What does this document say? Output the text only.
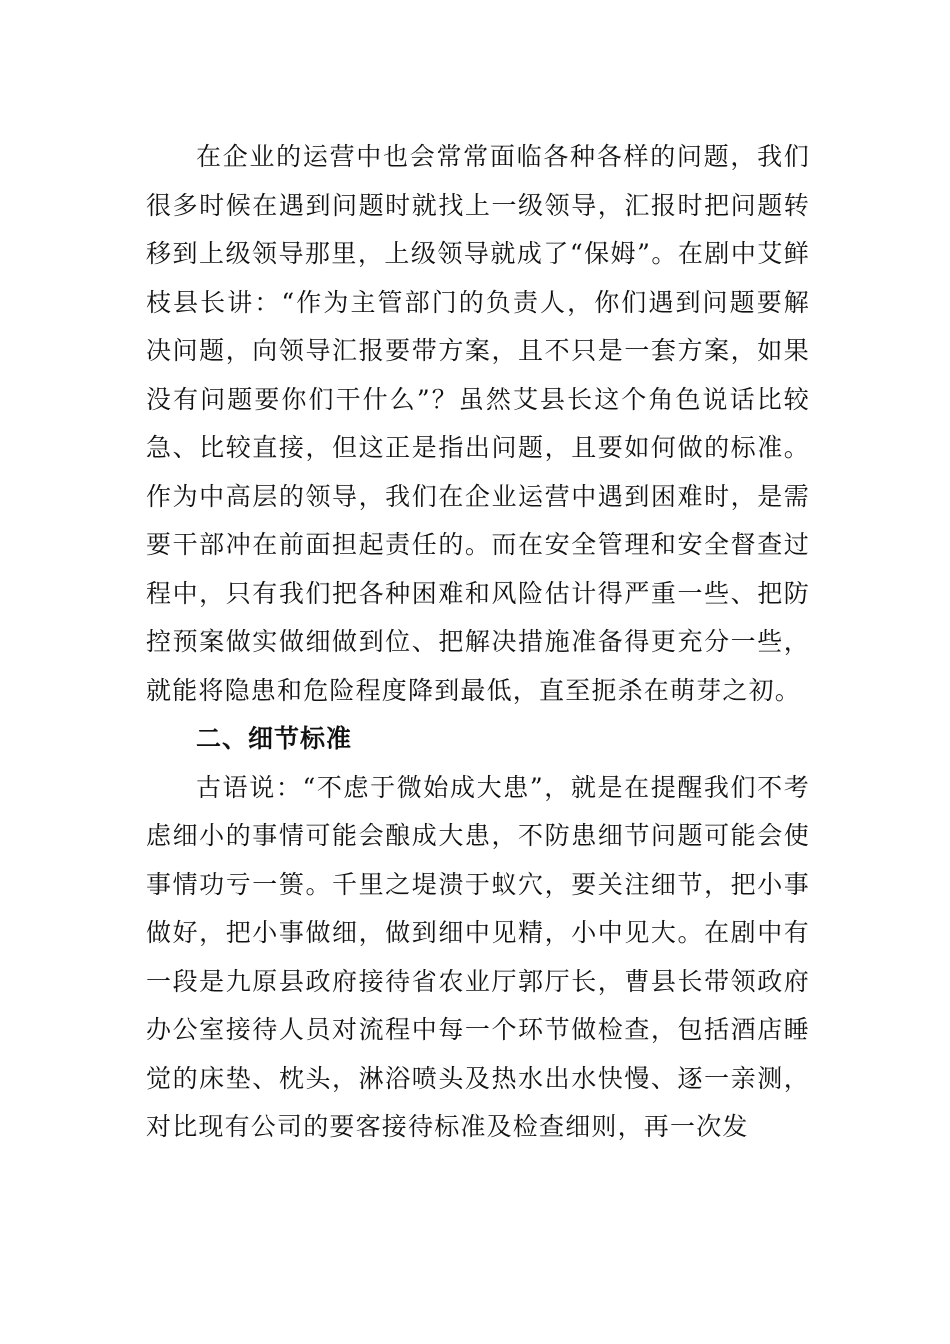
在企业的运营中也会常常面临各种各样的问题，我们很多时候在遇到问题时就找上一级领导，汇报时把问题转移到上级领导那里，上级领导就成了“保姆”。在剧中艾鲜枝县长讲：“作为主管部门的负责人，你们遇到问题要解决问题，向领导汇报要带方案，且不只是一套方案，如果没有问题要你们干什么”？虽然艾县长这个角色说话比较急、比较直接，但这正是指出问题，且要如何做的标准。作为中高层的领导，我们在企业运营中遇到困难时，是需要干部冲在前面担起责任的。而在安全管理和安全督查过程中，只有我们把各种困难和风险估计得严重一些、把防控预案做实做细做到位、把解决措施准备得更充分一些，就能将隐患和危险程度降到最低，直至扼杀在萌芽之初。

二、细节标准

古语说：“不虑于微始成大患”，就是在提醒我们不考虑细小的事情可能会酿成大患，不防患细节问题可能会使事情功亏一篑。千里之堤溃于蚁穴，要关注细节，把小事做好，把小事做细，做到细中见精，小中见大。在剧中有一段是九原县政府接待省农业厅郭厅长，曹县长带领政府办公室接待人员对流程中每一个环节做检查，包括酒店睡觉的床垫、枕头，淋浴喷头及热水出水快慢、逐一亲测，对比现有公司的要客接待标准及检查细则，再一次发
